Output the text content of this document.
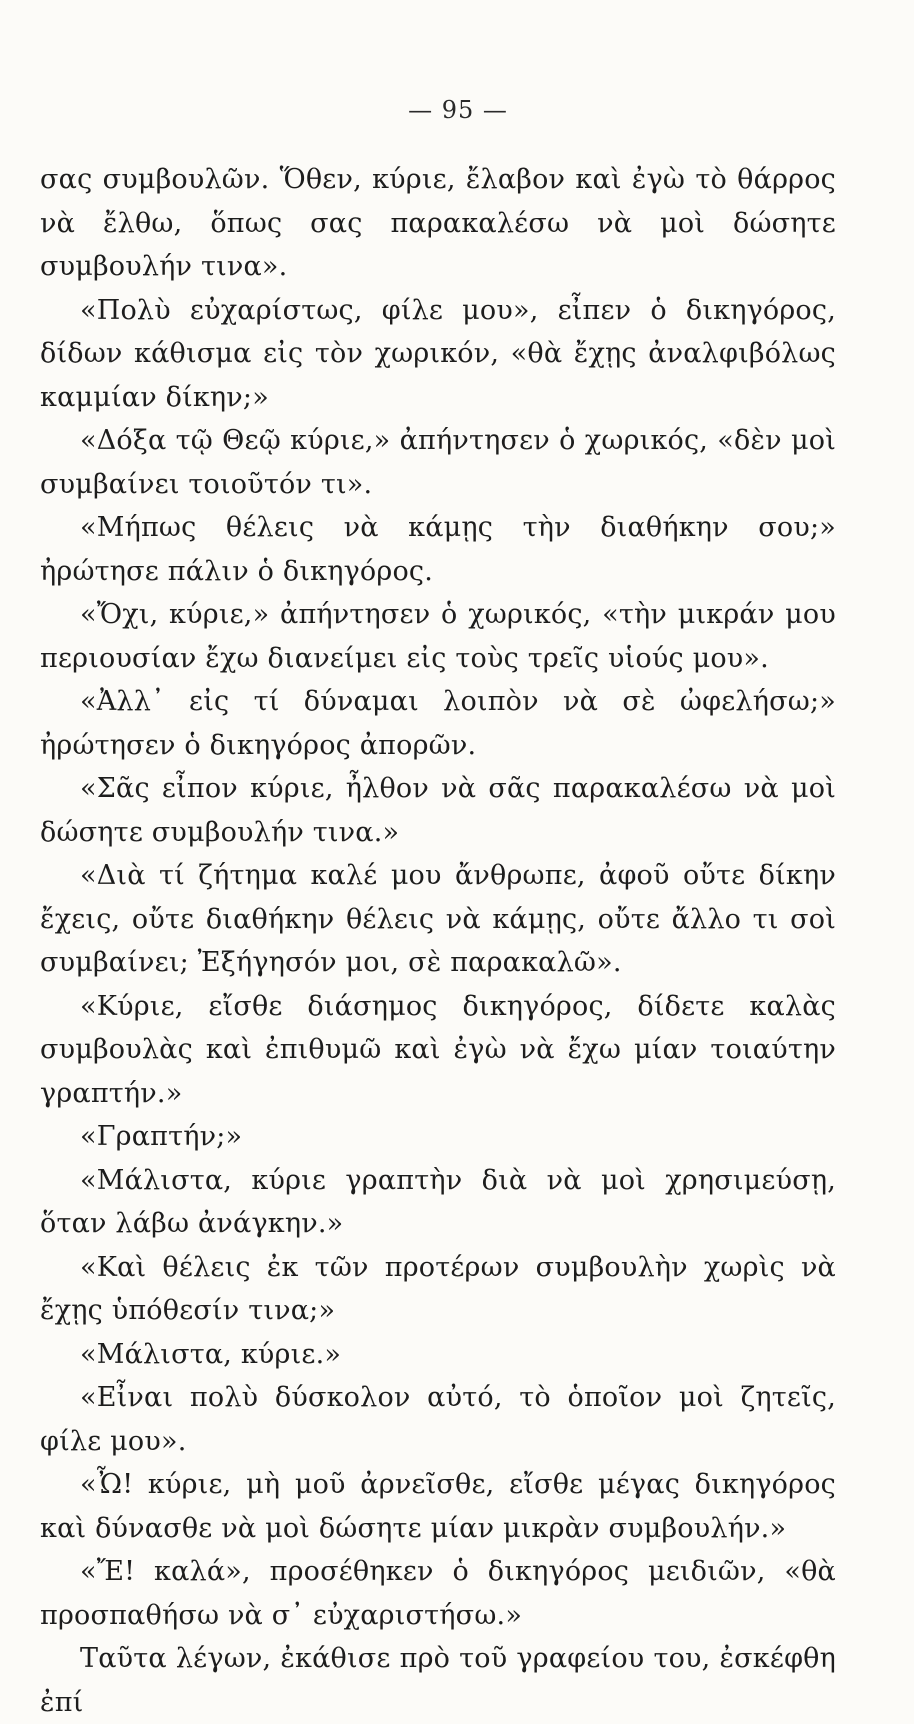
— 95 —

σας συμβουλῶν. Ὅθεν, κύριε, ἔλαβον καὶ ἐγὼ τὸ θάρρος νὰ ἔλθω, ὅπως σας παρακαλέσω νὰ μοὶ δώσητε συμβουλήν τινα».

«Πολὺ εὐχαρίστως, φίλε μου», εἶπεν ὁ δικηγόρος, δίδων κάθισμα εἰς τὸν χωρικόν, «θὰ ἔχῃς ἀναλφιβόλως καμμίαν δίκην;»

«Δόξα τῷ Θεῷ κύριε,» ἀπήντησεν ὁ χωρικός, «δὲν μοὶ συμβαίνει τοιοῦτόν τι».

«Μήπως θέλεις νὰ κάμῃς τὴν διαθήκην σου;» ἠρώτησε πάλιν ὁ δικηγόρος.

«Ὄχι, κύριε,» ἀπήντησεν ὁ χωρικός, «τὴν μικράν μου περιουσίαν ἔχω διανείμει εἰς τοὺς τρεῖς υἱούς μου».

«Ἀλλ᾽ εἰς τί δύναμαι λοιπὸν νὰ σὲ ὠφελήσω;» ἠρώτησεν ὁ δικηγόρος ἀπορῶν.

«Σᾶς εἶπον κύριε, ἦλθον νὰ σᾶς παρακαλέσω νὰ μοὶ δώσητε συμβουλήν τινα.»

«Διὰ τί ζήτημα καλέ μου ἄνθρωπε, ἀφοῦ οὔτε δίκην ἔχεις, οὔτε διαθήκην θέλεις νὰ κάμῃς, οὔτε ἄλλο τι σοὶ συμβαίνει; Ἐξήγησόν μοι, σὲ παρακαλῶ».

«Κύριε, εἴσθε διάσημος δικηγόρος, δίδετε καλὰς συμβουλὰς καὶ ἐπιθυμῶ καὶ ἐγὼ νὰ ἔχω μίαν τοιαύτην γραπτήν.»

«Γραπτήν;»

«Μάλιστα, κύριε γραπτὴν διὰ νὰ μοὶ χρησιμεύσῃ, ὅταν λάβω ἀνάγκην.»

«Καὶ θέλεις ἐκ τῶν προτέρων συμβουλὴν χωρὶς νὰ ἔχῃς ὑπόθεσίν τινα;»

«Μάλιστα, κύριε.»

«Εἶναι πολὺ δύσκολον αὐτό, τὸ ὁποῖον μοὶ ζητεῖς, φίλε μου».

«Ὦ! κύριε, μὴ μοῦ ἀρνεῖσθε, εἴσθε μέγας δικηγόρος καὶ δύνασθε νὰ μοὶ δώσητε μίαν μικρὰν συμβουλήν.»

«Ἔ! καλά», προσέθηκεν ὁ δικηγόρος μειδιῶν, «θὰ προσπαθήσω νὰ σ᾽ εὐχαριστήσω.»

Ταῦτα λέγων, ἐκάθισε πρὸ τοῦ γραφείου του, ἐσκέφθη ἐπί
